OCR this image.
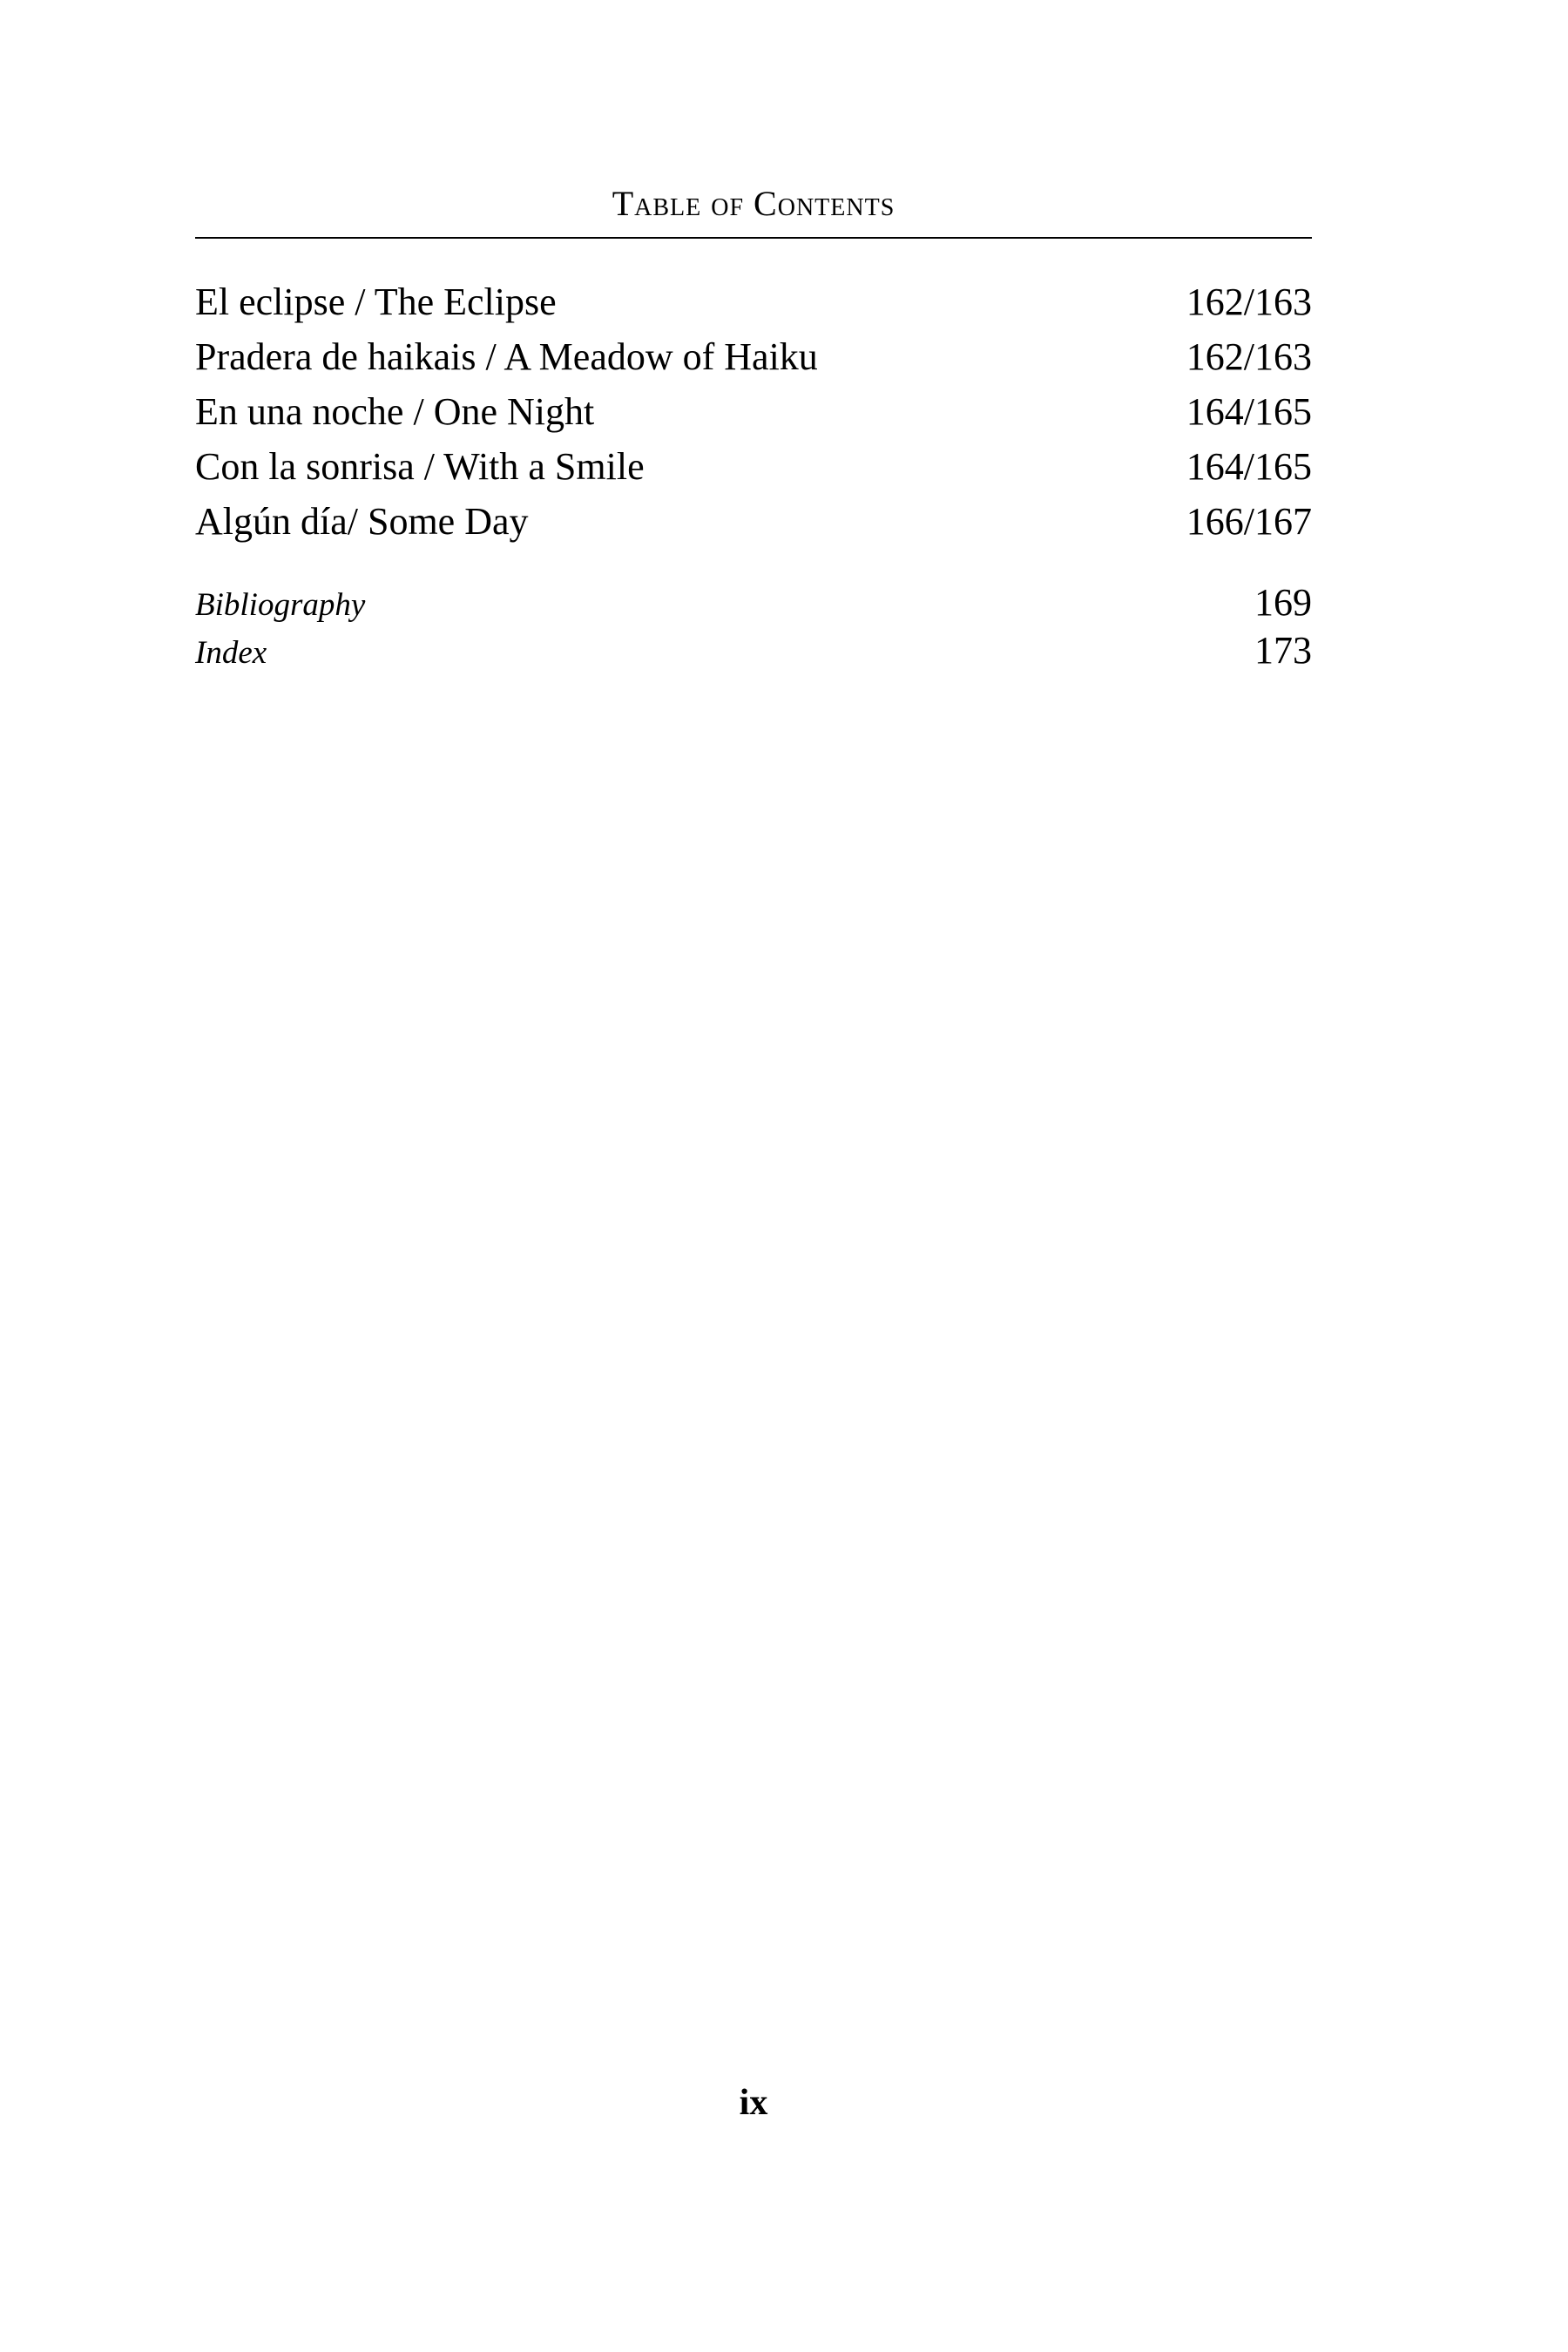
Table of Contents
El eclipse / The Eclipse	162/163
Pradera de haikais / A Meadow of Haiku	162/163
En una noche / One Night	164/165
Con la sonrisa / With a Smile	164/165
Algún día/ Some Day	166/167
Bibliography	169
Index	173
ix
